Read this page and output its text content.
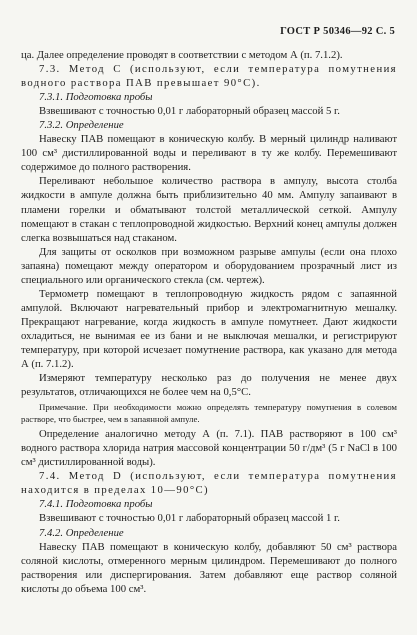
ГОСТ Р 50346—92 С. 5

ца. Далее определение проводят в соответствии с методом А (п. 7.1.2).

7.3. Метод С (используют, если температура помутнения водного раствора ПАВ превышает 90°С).

7.3.1. Подготовка пробы

Взвешивают с точностью 0,01 г лабораторный образец массой 5 г.

7.3.2. Определение

Навеску ПАВ помещают в коническую колбу. В мерный цилиндр наливают 100 см³ дистиллированной воды и переливают в ту же колбу. Перемешивают содержимое до полного растворения.

Переливают небольшое количество раствора в ампулу, высота столба жидкости в ампуле должна быть приблизительно 40 мм. Ампулу запаивают в пламени горелки и обматывают толстой металлической сеткой. Ампулу помещают в стакан с теплопроводной жидкостью. Верхний конец ампулы должен слегка возвышаться над стаканом.

Для защиты от осколков при возможном разрыве ампулы (если она плохо запаяна) помещают между оператором и оборудованием прозрачный лист из специального или органического стекла (см. чертеж).

Термометр помещают в теплопроводную жидкость рядом с запаянной ампулой. Включают нагревательный прибор и электромагнитную мешалку. Прекращают нагревание, когда жидкость в ампуле помутнеет. Дают жидкости охладиться, не вынимая ее из бани и не выключая мешалки, и регистрируют температуру, при которой исчезает помутнение раствора, как указано для метода А (п. 7.1.2).

Измеряют температуру несколько раз до получения не менее двух результатов, отличающихся не более чем на 0,5°С.

Примечание. При необходимости можно определять температуру помутнения в солевом растворе, что быстрее, чем в запаянной ампуле.

Определение аналогично методу А (п. 7.1). ПАВ растворяют в 100 см³ водного раствора хлорида натрия массовой концентрации 50 г/дм³ (5 г NaCl в 100 см³ дистиллированной воды).

7.4. Метод D (используют, если температура помутнения находится в пределах 10—90°С)

7.4.1. Подготовка пробы

Взвешивают с точностью 0,01 г лабораторный образец массой 1 г.

7.4.2. Определение

Навеску ПАВ помещают в коническую колбу, добавляют 50 см³ раствора соляной кислоты, отмеренного мерным цилиндром. Перемешивают до полного растворения или диспергирования. Затем добавляют еще раствор соляной кислоты до объема 100 см³.
